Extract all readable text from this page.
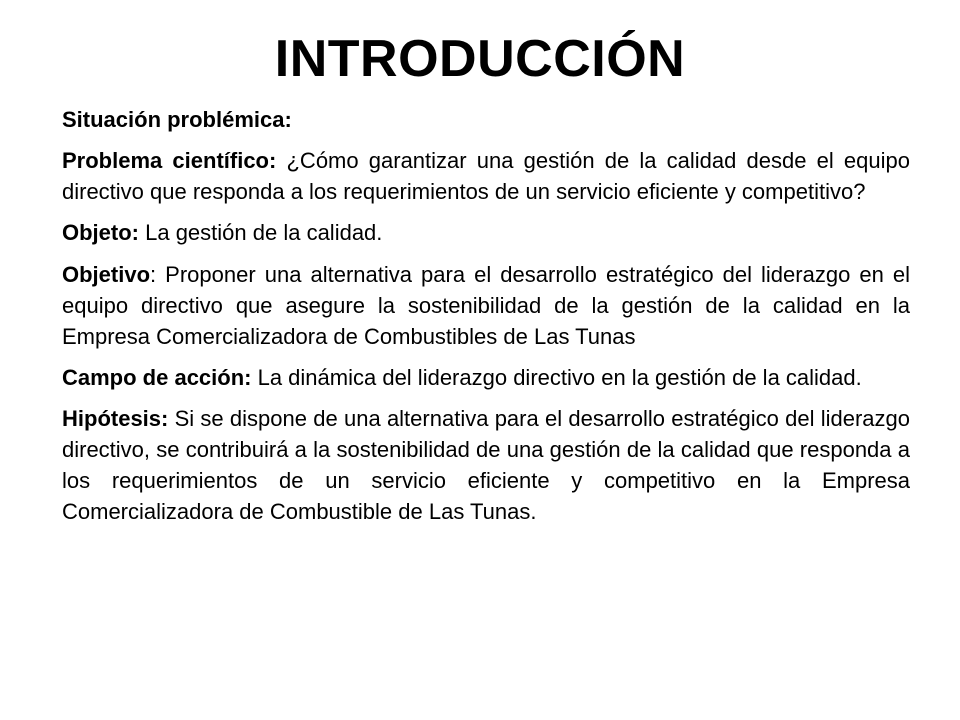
INTRODUCCIÓN

Situación problémica:

Problema científico: ¿Cómo garantizar una gestión de la calidad desde el equipo directivo que responda a los requerimientos de un servicio eficiente y competitivo?

Objeto: La gestión de la calidad.

Objetivo: Proponer una alternativa para el desarrollo estratégico del liderazgo en el equipo directivo que asegure la sostenibilidad de la gestión de la calidad en la Empresa Comercializadora de Combustibles de Las Tunas

Campo de acción: La dinámica del liderazgo directivo en la gestión de la calidad.

Hipótesis: Si se dispone de una alternativa para el desarrollo estratégico del liderazgo directivo, se contribuirá a la sostenibilidad de una gestión de la calidad que responda a los requerimientos de un servicio eficiente y competitivo en la Empresa Comercializadora de Combustible de Las Tunas.
